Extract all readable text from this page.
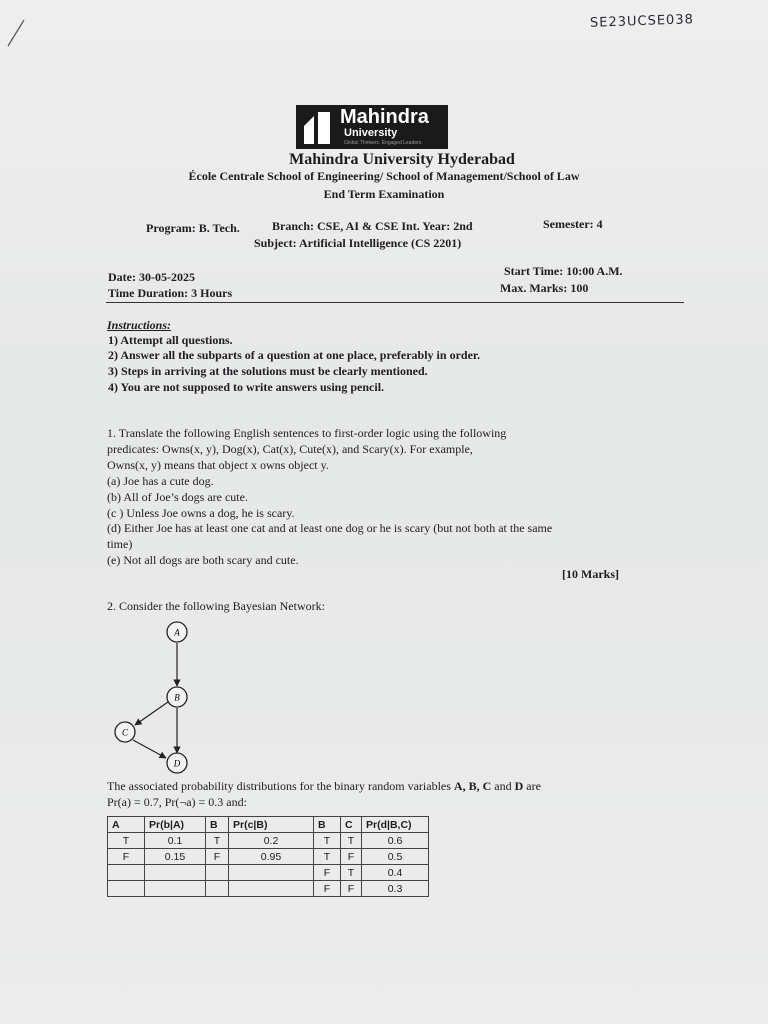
SE23UCSE038
Mahindra
University
Global Thinkers. Engaged Leaders.
Mahindra University Hyderabad
École Centrale School of Engineering/ School of Management/School of Law
End Term Examination
Program: B. Tech.	Branch: CSE, AI & CSE Int. Year: 2nd	Semester: 4
Subject: Artificial Intelligence (CS 2201)
Date: 30-05-2025
Time Duration: 3 Hours
Start Time: 10:00 A.M.
Max. Marks: 100
Instructions:
1) Attempt all questions.
2) Answer all the subparts of a question at one place, preferably in order.
3) Steps in arriving at the solutions must be clearly mentioned.
4) You are not supposed to write answers using pencil.
1. Translate the following English sentences to first-order logic using the following
predicates: Owns(x, y), Dog(x), Cat(x), Cute(x), and Scary(x). For example,
Owns(x, y) means that object x owns object y.
(a) Joe has a cute dog.
(b) All of Joe’s dogs are cute.
(c ) Unless Joe owns a dog, he is scary.
(d) Either Joe has at least one cat and at least one dog or he is scary (but not both at the same
time)
(e) Not all dogs are both scary and cute.
[10 Marks]
2. Consider the following Bayesian Network:
A
B
C
D
The associated probability distributions for the binary random variables A, B, C and D are
Pr(a) = 0.7, Pr(¬a) = 0.3 and:
A	Pr(b|A)	B	Pr(c|B)	B	C	Pr(d|B,C)
T	0.1	T	0.2	T	T	0.6
F	0.15	F	0.95	T	F	0.5
				F	T	0.4
				F	F	0.3
